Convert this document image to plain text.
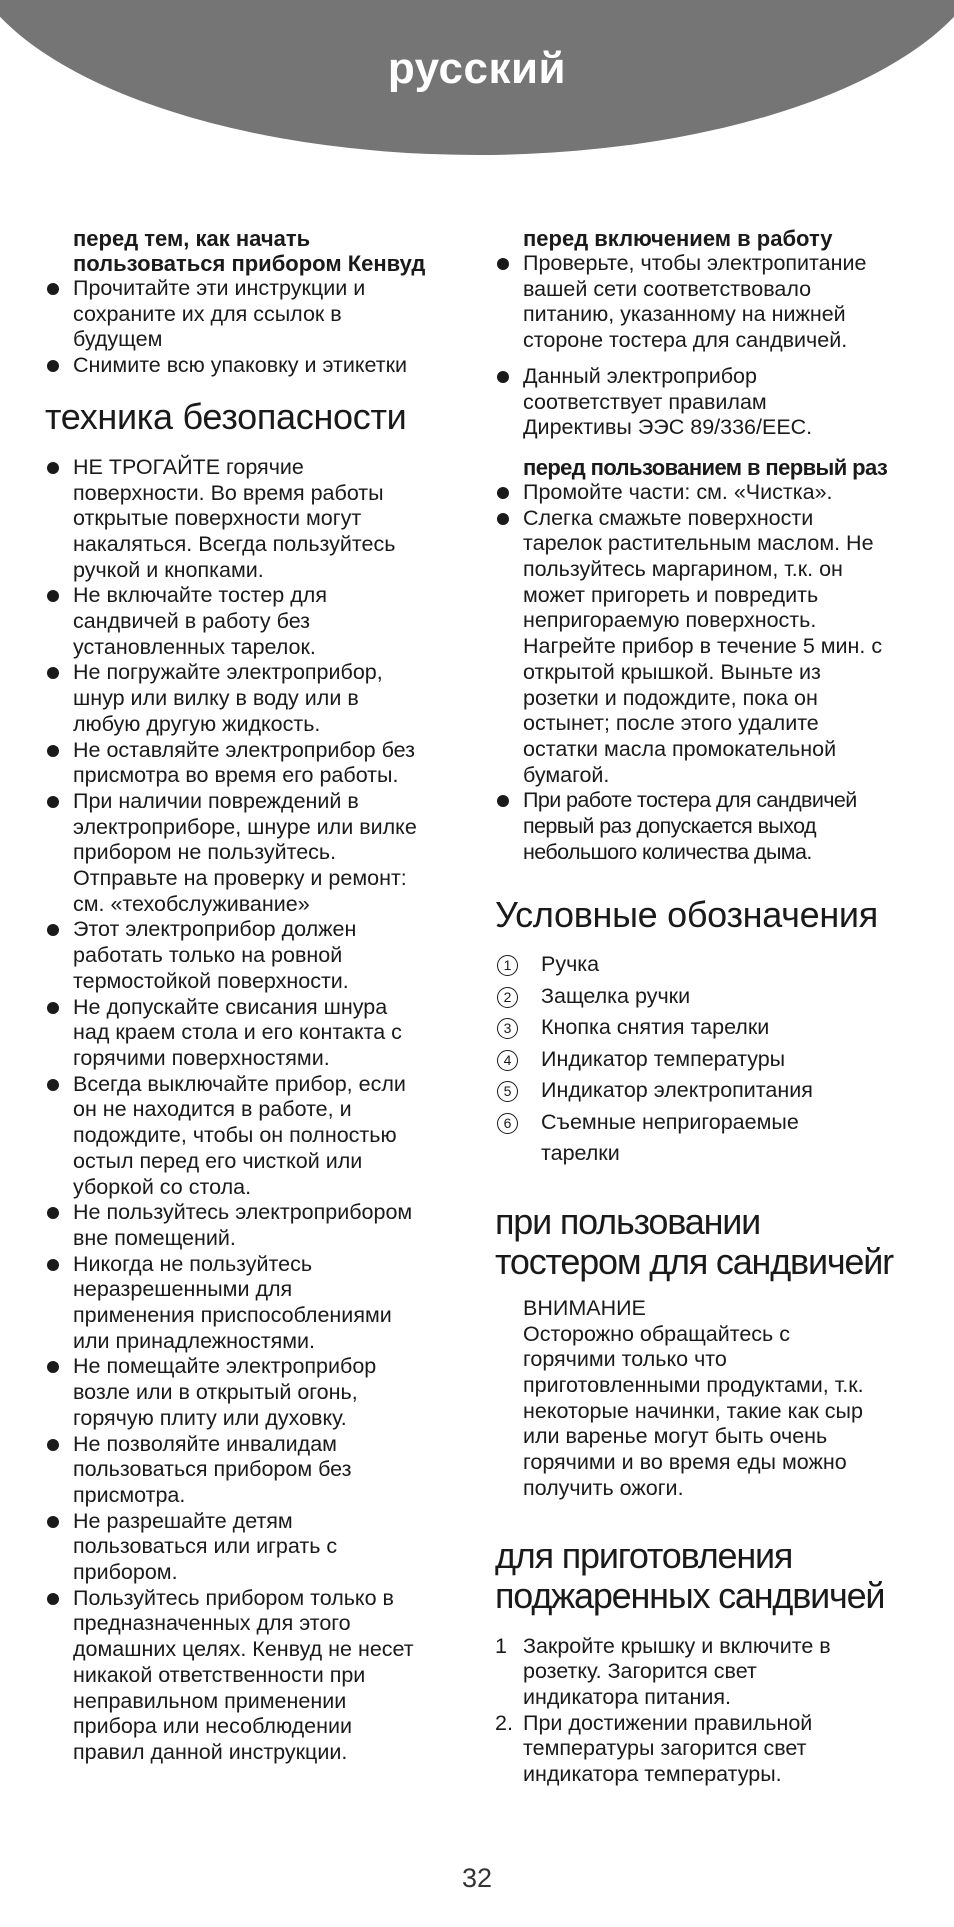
русский
перед тем, как начать
пользоваться прибором Кенвуд
Прочитайте эти инструкции и
сохраните их для ссылок в
будущем
Снимите всю упаковку и этикетки
техника безопасности
НЕ ТРОГАЙТЕ горячие
поверхности. Во время работы
открытые поверхности могут
накаляться. Всегда пользуйтесь
ручкой и кнопками.
Не включайте тостер для
сандвичей в работу без
установленных тарелок.
Не погружайте электроприбор,
шнур или вилку в воду или в
любую другую жидкость.
Не оставляйте электроприбор без
присмотра во время его работы.
При наличии повреждений в
электроприборе, шнуре или вилке
прибором не пользуйтесь.
Отправьте на проверку и ремонт:
см. «техобслуживание»
Этот электроприбор должен
работать только на ровной
термостойкой поверхности.
Не допускайте свисания шнура
над краем стола и его контакта с
горячими поверхностями.
Всегда выключайте прибор, если
он не находится в работе, и
подождите, чтобы он полностью
остыл перед его чисткой или
уборкой со стола.
Не пользуйтесь электроприбором
вне помещений.
Никогда не пользуйтесь
неразрешенными для
применения приспособлениями
или принадлежностями.
Не помещайте электроприбор
возле или в открытый огонь,
горячую плиту или духовку.
Не позволяйте инвалидам
пользоваться прибором без
присмотра.
Не разрешайте детям
пользоваться или играть с
прибором.
Пользуйтесь прибором только в
предназначенных для этого
домашних целях. Кенвуд не несет
никакой ответственности при
неправильном применении
прибора или несоблюдении
правил данной инструкции.
перед включением в работу
Проверьте, чтобы электропитание
вашей сети соответствовало
питанию, указанному на нижней
стороне тостера для сандвичей.
Данный электроприбор
соответствует правилам
Директивы ЭЭС 89/336/EEC.
перед пользованием в первый раз
Промойте части: см. «Чистка».
Слегка смажьте поверхности
тарелок растительным маслом. Не
пользуйтесь маргарином, т.к. он
может пригореть и повредить
непригораемую поверхность.
Нагрейте прибор в течение 5 мин. с
открытой крышкой. Выньте из
розетки и подождите, пока он
остынет; после этого удалите
остатки масла промокательной
бумагой.
При работе тостера для сандвичей
первый раз допускается выход
небольшого количества дыма.
Условные обозначения
1	Ручка
2	Защелка ручки
3	Кнопка снятия тарелки
4	Индикатор температуры
5	Индикатор электропитания
6	Съемные непригораемые
тарелки
при пользовании
тостером для сандвичейr
ВНИМАНИЕ
Осторожно обращайтесь с
горячими только что
приготовленными продуктами, т.к.
некоторые начинки, такие как сыр
или варенье могут быть очень
горячими и во время еды можно
получить ожоги.
для приготовления
поджаренных сандвичей
1 Закройте крышку и включите в
розетку. Загорится свет
индикатора питания.
2. При достижении правильной
температуры загорится свет
индикатора температуры.
32
